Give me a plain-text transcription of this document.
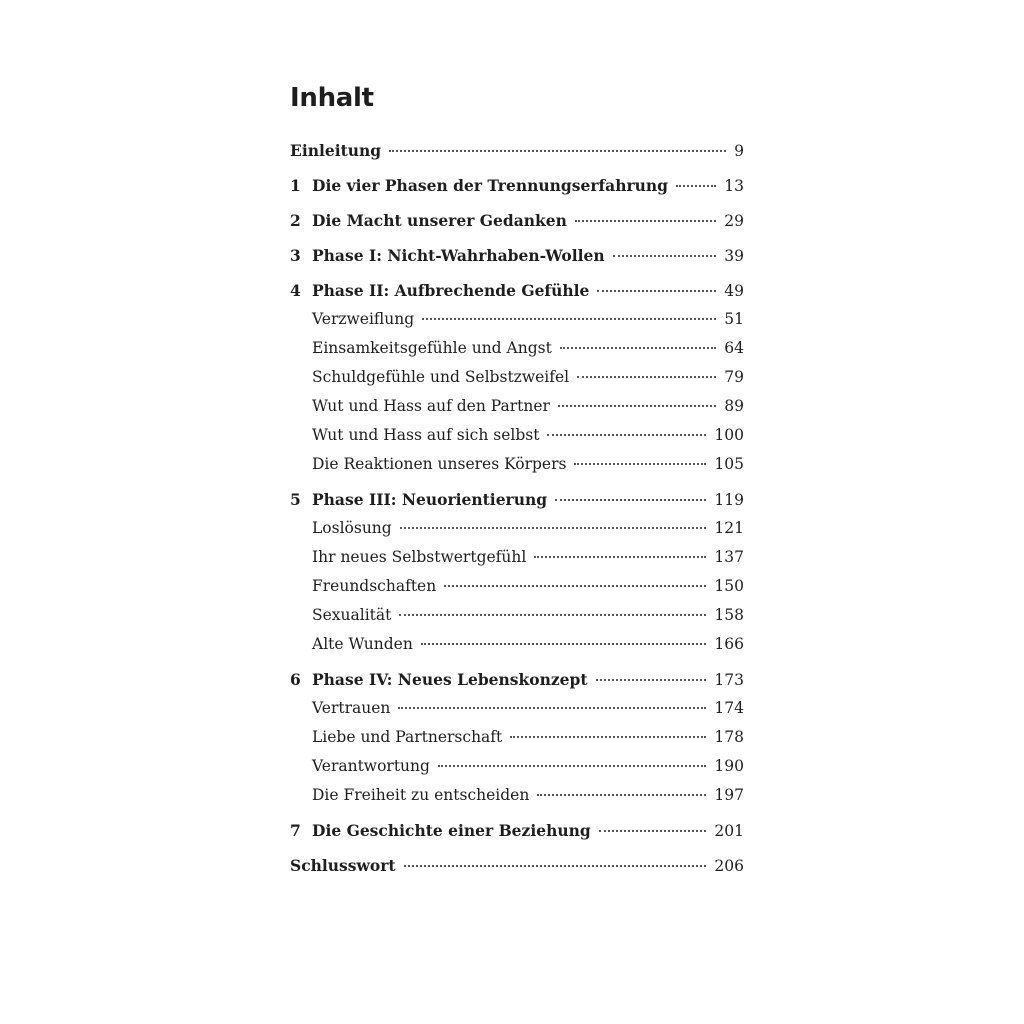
Inhalt
Einleitung	9
1 Die vier Phasen der Trennungserfahrung	13
2 Die Macht unserer Gedanken	29
3 Phase I: Nicht-Wahrhaben-Wollen	39
4 Phase II: Aufbrechende Gefühle	49
Verzweiflung	51
Einsamkeitsgefühle und Angst	64
Schuldgefühle und Selbstzweifel	79
Wut und Hass auf den Partner	89
Wut und Hass auf sich selbst	100
Die Reaktionen unseres Körpers	105
5 Phase III: Neuorientierung	119
Loslösung	121
Ihr neues Selbstwertgefühl	137
Freundschaften	150
Sexualität	158
Alte Wunden	166
6 Phase IV: Neues Lebenskonzept	173
Vertrauen	174
Liebe und Partnerschaft	178
Verantwortung	190
Die Freiheit zu entscheiden	197
7 Die Geschichte einer Beziehung	201
Schlusswort	206
